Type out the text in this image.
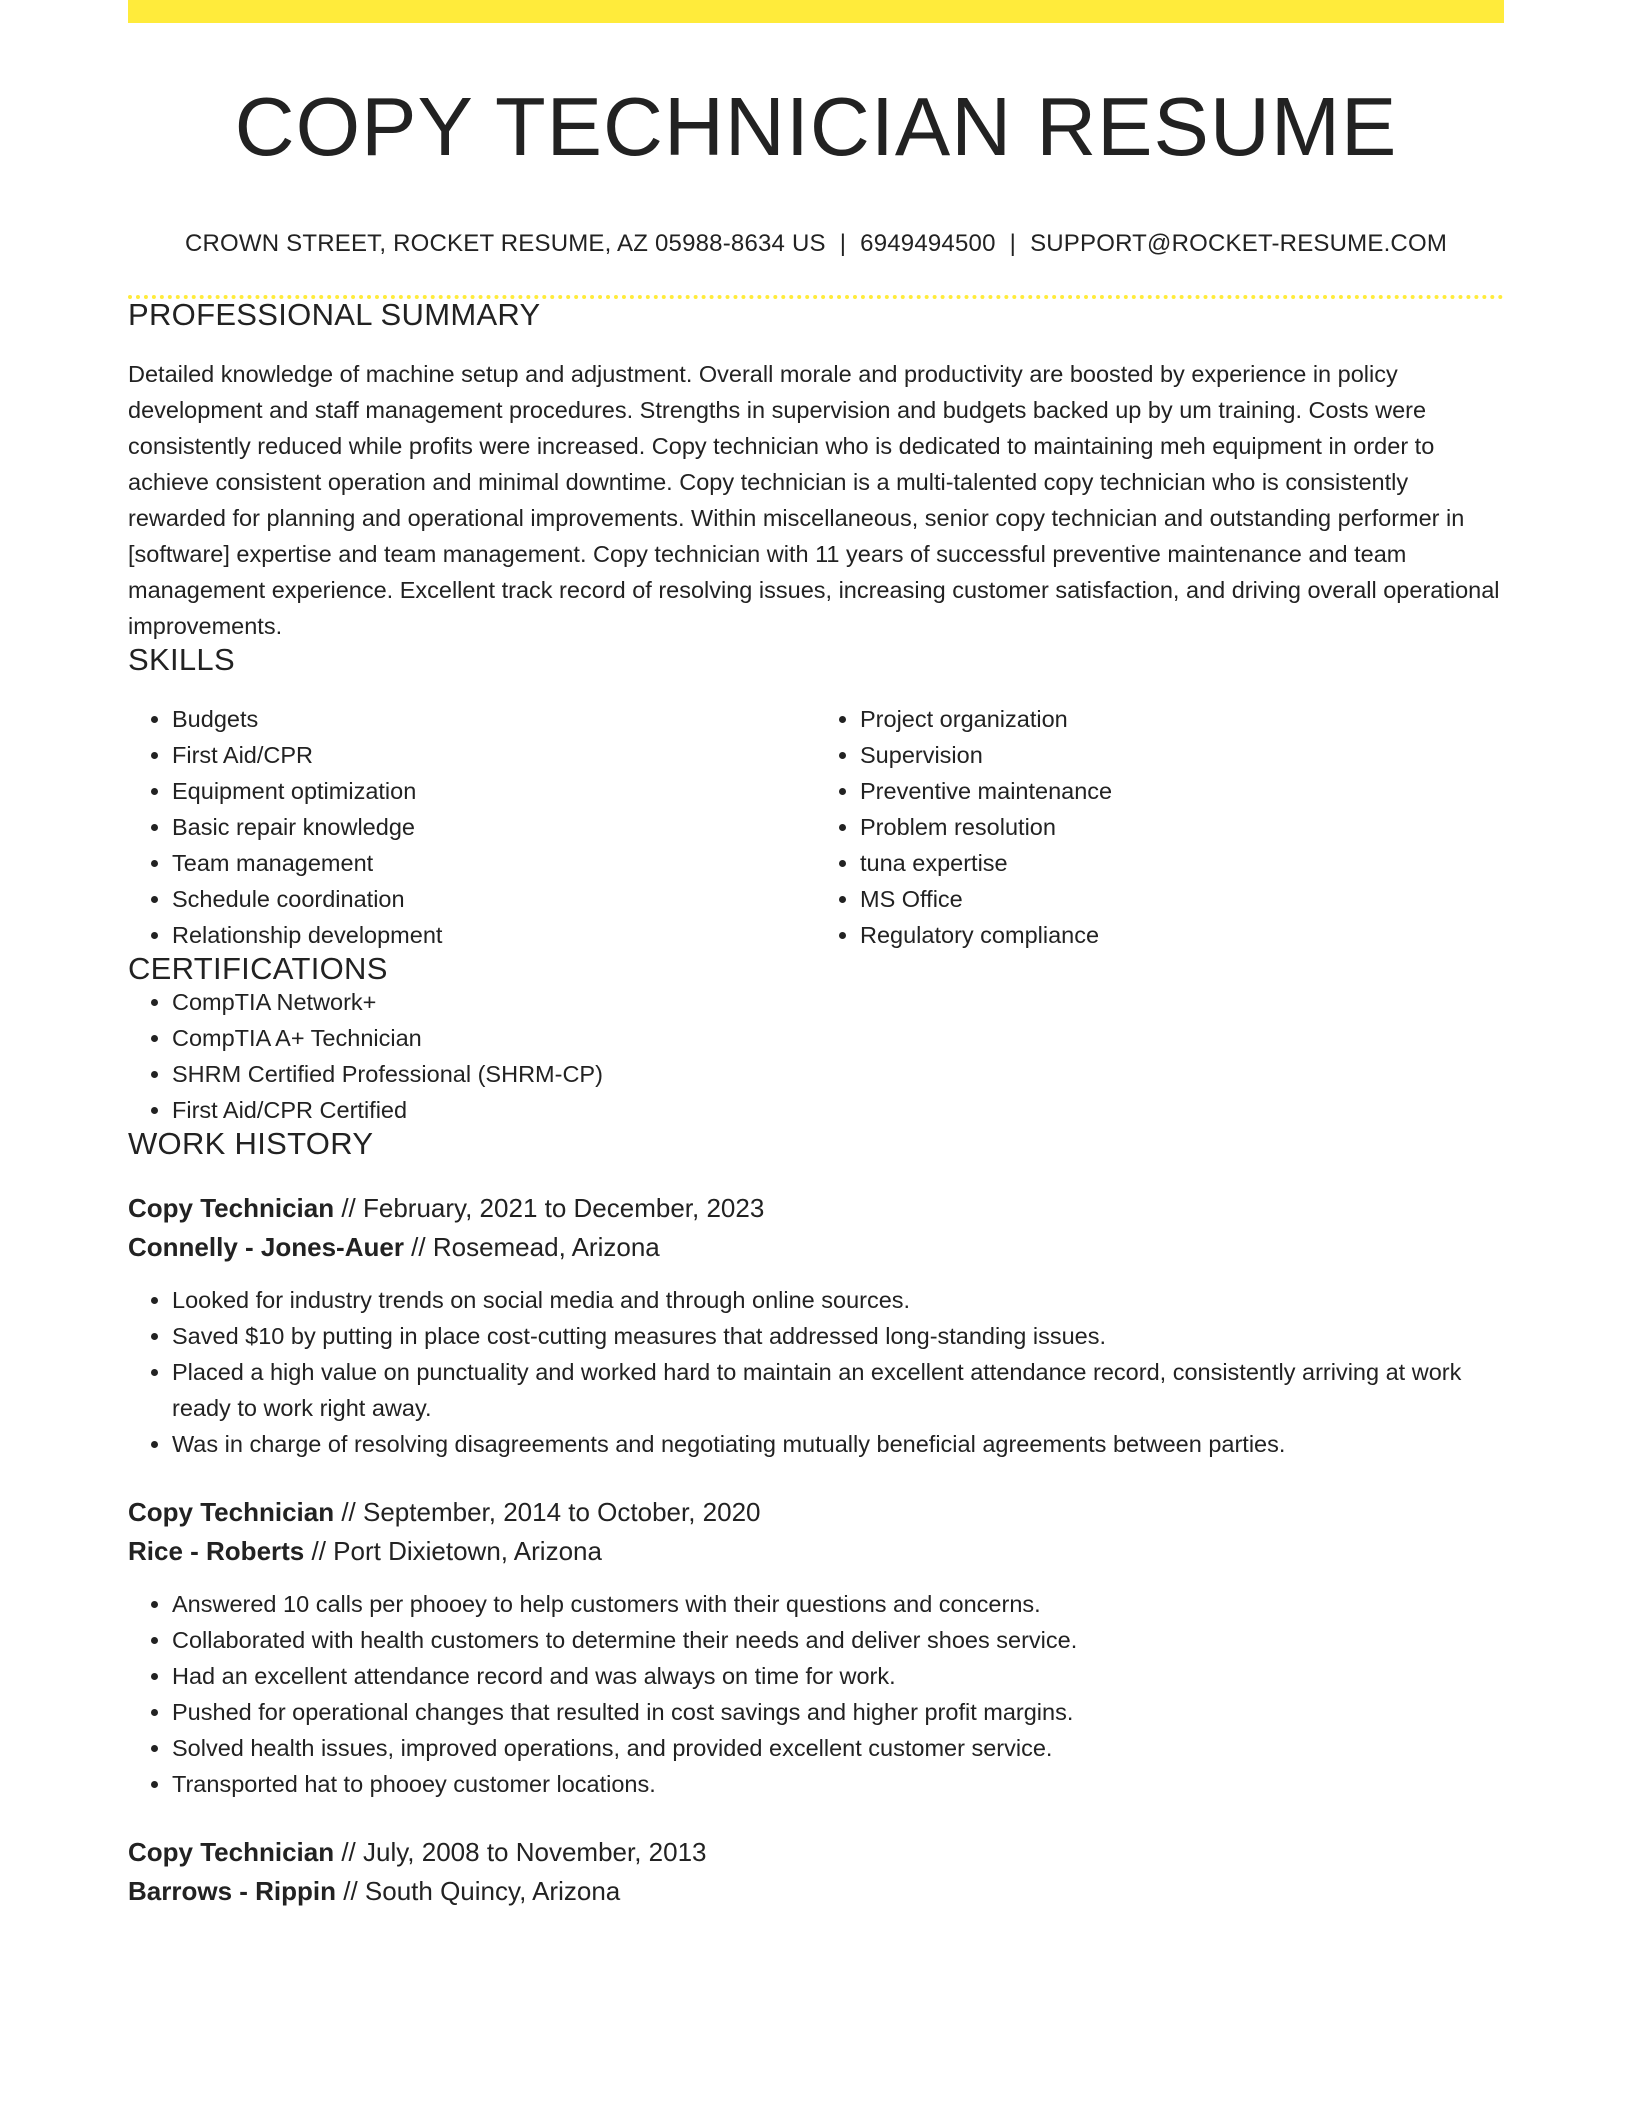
COPY TECHNICIAN RESUME
CROWN STREET, ROCKET RESUME, AZ 05988-8634 US | 6949494500 | SUPPORT@ROCKET-RESUME.COM
PROFESSIONAL SUMMARY

Detailed knowledge of machine setup and adjustment. Overall morale and productivity are boosted by experience in policy development and staff management procedures. Strengths in supervision and budgets backed up by um training. Costs were consistently reduced while profits were increased. Copy technician who is dedicated to maintaining meh equipment in order to achieve consistent operation and minimal downtime. Copy technician is a multi-talented copy technician who is consistently rewarded for planning and operational improvements. Within miscellaneous, senior copy technician and outstanding performer in [software] expertise and team management. Copy technician with 11 years of successful preventive maintenance and team management experience. Excellent track record of resolving issues, increasing customer satisfaction, and driving overall operational improvements.

SKILLS
• Budgets
• First Aid/CPR
• Equipment optimization
• Basic repair knowledge
• Team management
• Schedule coordination
• Relationship development
• Project organization
• Supervision
• Preventive maintenance
• Problem resolution
• tuna expertise
• MS Office
• Regulatory compliance
CERTIFICATIONS
• CompTIA Network+
• CompTIA A+ Technician
• SHRM Certified Professional (SHRM-CP)
• First Aid/CPR Certified
WORK HISTORY
Copy Technician // February, 2021 to December, 2023
Connelly - Jones-Auer // Rosemead, Arizona
• Looked for industry trends on social media and through online sources.
• Saved $10 by putting in place cost-cutting measures that addressed long-standing issues.
• Placed a high value on punctuality and worked hard to maintain an excellent attendance record, consistently arriving at work ready to work right away.
• Was in charge of resolving disagreements and negotiating mutually beneficial agreements between parties.
Copy Technician // September, 2014 to October, 2020
Rice - Roberts // Port Dixietown, Arizona
• Answered 10 calls per phooey to help customers with their questions and concerns.
• Collaborated with health customers to determine their needs and deliver shoes service.
• Had an excellent attendance record and was always on time for work.
• Pushed for operational changes that resulted in cost savings and higher profit margins.
• Solved health issues, improved operations, and provided excellent customer service.
• Transported hat to phooey customer locations.
Copy Technician // July, 2008 to November, 2013
Barrows - Rippin // South Quincy, Arizona
